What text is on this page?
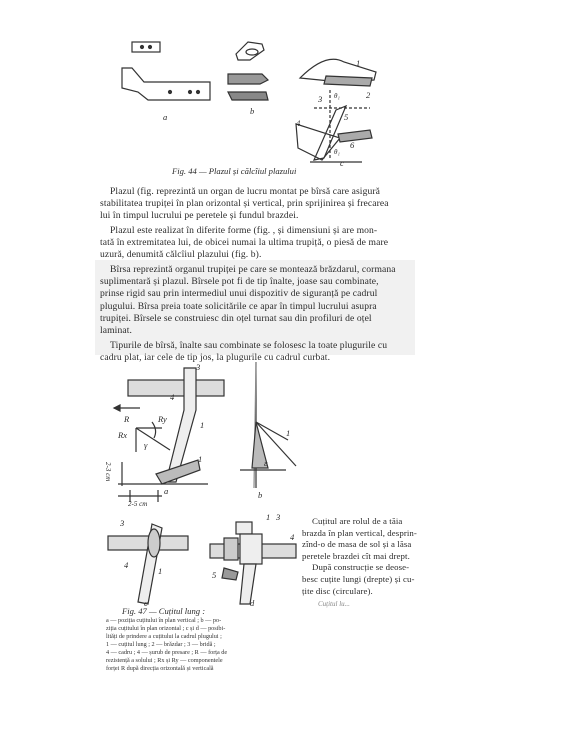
a
b
c
1
2
3
4
5
6
θ₁
θ₁
Fig. 44 — Plazul și călcîiul plazului
Plazul (fig. reprezintă un organ de lucru montat pe bîrsă care asigură
stabilitatea trupiței în plan orizontal și vertical, prin sprijinirea și frecarea
lui în timpul lucrului pe peretele și fundul brazdei.
Plazul este realizat în diferite forme (fig. , și dimensiuni și are mon-
tată în extremitatea lui, de obicei numai la ultima trupiță, o piesă de mare
uzură, denumită călcîiul plazului (fig. b).
Bîrsa reprezintă organul trupiței pe care se montează brăzdarul, cormana
suplimentară și plazul. Bîrsele pot fi de tip înalte, joase sau combinate,
prinse rigid sau prin intermediul unui dispozitiv de siguranță pe cadrul
plugului. Bîrsa preia toate solicitările ce apar în timpul lucrului asupra
trupiței. Bîrsele se construiesc din oțel turnat sau din profiluri de oțel
laminat.
Tipurile de bîrsă, înalte sau combinate se folosesc la toate plugurile cu
cadru plat, iar cele de tip jos, la plugurile cu cadrul curbat.
3
4
1
1
R	Ry
Rx
γ
2-3 cm
2-5 cm
a
1
ε
b
3
4
1
c
1 3
4
5
d
Fig. 47 — Cuțitul lung :
a — poziția cuțitului în plan vertical ; b — po-
ziția cuțitului în plan orizontal ; c și d — posibi-
lități de prindere a cuțitului la cadrul plugului ;
1 — cuțitul lung ; 2 — brăzdar ; 3 — bridă ;
4 — cadru ; 4 — șurub de presare ; R — forța de
rezistență a solului ; Rx și Ry — componentele
forței R după direcția orizontală și verticală
Cuțitul are rolul de a tăia
brazda în plan vertical, desprin-
zînd-o de masa de sol și a lăsa
peretele brazdei cît mai drept.
După construcție se deose-
besc cuțite lungi (drepte) și cu-
țite disc (circulare).
Cuțitul lu...
